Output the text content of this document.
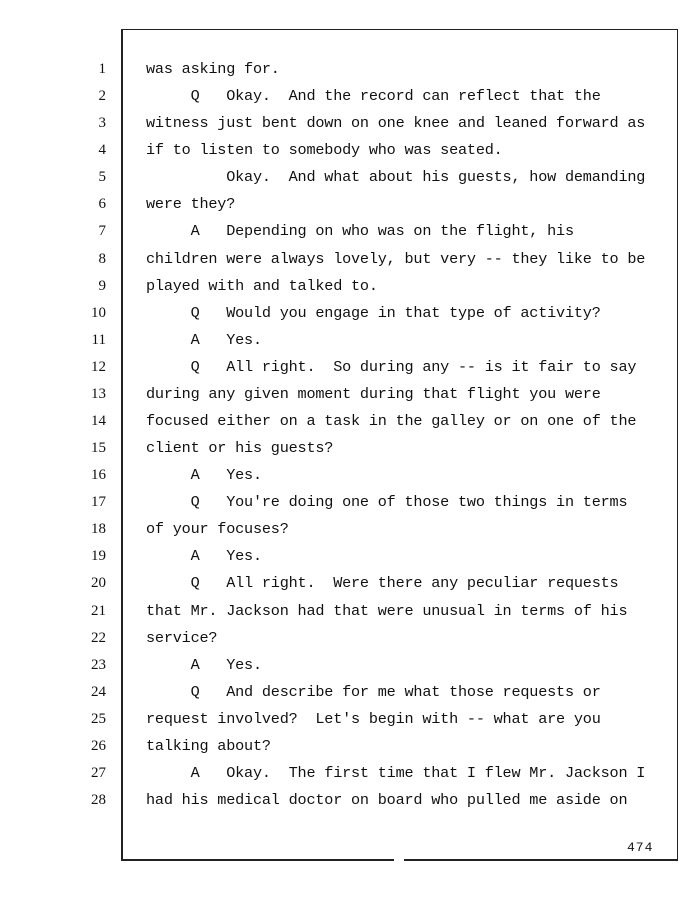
1
2
3
4
5
6
7
8
9
10
11
12
13
14
15
16
17
18
19
20
21
22
23
24
25
26
27
28
was asking for.
Q   Okay.  And the record can reflect that the
witness just bent down on one knee and leaned forward as
if to listen to somebody who was seated.
Okay.  And what about his guests, how demanding
were they?
A   Depending on who was on the flight, his
children were always lovely, but very -- they like to be
played with and talked to.
Q   Would you engage in that type of activity?
A   Yes.
Q   All right.  So during any -- is it fair to say
during any given moment during that flight you were
focused either on a task in the galley or on one of the
client or his guests?
A   Yes.
Q   You're doing one of those two things in terms
of your focuses?
A   Yes.
Q   All right.  Were there any peculiar requests
that Mr. Jackson had that were unusual in terms of his
service?
A   Yes.
Q   And describe for me what those requests or
request involved?  Let's begin with -- what are you
talking about?
A   Okay.  The first time that I flew Mr. Jackson I
had his medical doctor on board who pulled me aside on
474
